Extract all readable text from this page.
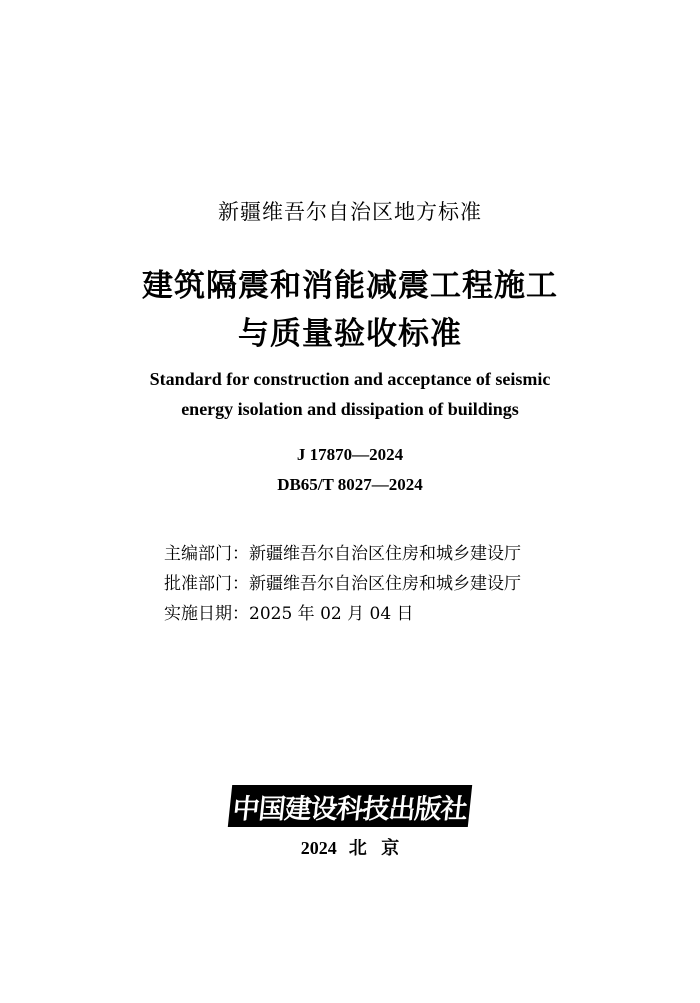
新疆维吾尔自治区地方标准
建筑隔震和消能减震工程施工
与质量验收标准
Standard for construction and acceptance of seismic
energy isolation and dissipation of buildings
J 17870—2024
DB65/T 8027—2024
主编部门：新疆维吾尔自治区住房和城乡建设厅
批准部门：新疆维吾尔自治区住房和城乡建设厅
实施日期：2025 年 02 月 04 日
中国建设科技出版社
2024 北 京
